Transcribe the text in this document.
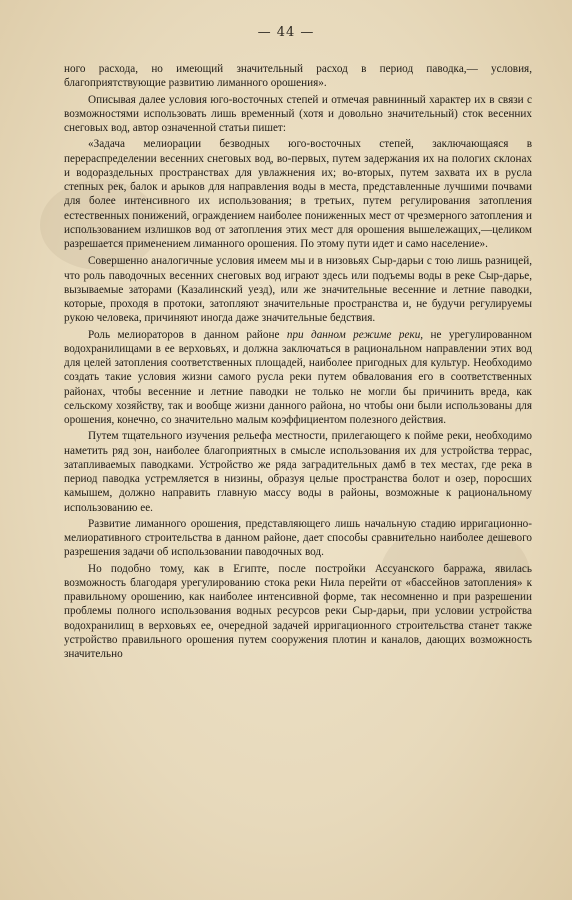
— 44 —

ного расхода, но имеющий значительный расход в период паводка,— условия, благоприятствующие развитию лиманного орошения».

Описывая далее условия юго-восточных степей и отмечая равнинный характер их в связи с возможностями использовать лишь временный (хотя и довольно значительный) сток весенних снеговых вод, автор означенной статьи пишет:

«Задача мелиорации безводных юго-восточных степей, заключающаяся в перераспределении весенних снеговых вод, во-первых, путем задержания их на пологих склонах и водораздельных пространствах для увлажнения их; во-вторых, путем захвата их в русла степных рек, балок и арыков для направления воды в места, представленные лучшими почвами для более интенсивного их использования; в третьих, путем регулирования затопления естественных понижений, ограждением наиболее пониженных мест от чрезмерного затопления и использованием излишков вод от затопления этих мест для орошения вышележащих,—целиком разрешается применением лиманного орошения. По этому пути идет и само население».

Совершенно аналогичные условия имеем мы и в низовьях Сыр-дарьи с тою лишь разницей, что роль паводочных весенних снеговых вод играют здесь или подъемы воды в реке Сыр-дарье, вызываемые заторами (Казалинский уезд), или же значительные весенние и летние паводки, которые, проходя в протоки, затопляют значительные пространства и, не будучи регулируемы рукою человека, причиняют иногда даже значительные бедствия.

Роль мелиораторов в данном районе при данном режиме реки, не урегулированном водохранилищами в ее верховьях, и должна заключаться в рациональном направлении этих вод для целей затопления соответственных площадей, наиболее пригодных для культур. Необходимо создать такие условия жизни самого русла реки путем обвалования его в соответственных районах, чтобы весенние и летние паводки не только не могли бы причинить вреда, как сельскому хозяйству, так и вообще жизни данного района, но чтобы они были использованы для орошения, конечно, со значительно малым коэффициентом полезного действия.

Путем тщательного изучения рельефа местности, прилегающего к пойме реки, необходимо наметить ряд зон, наиболее благоприятных в смысле использования их для устройства террас, затапливаемых паводками. Устройство же ряда заградительных дамб в тех местах, где река в период паводка устремляется в низины, образуя целые пространства болот и озер, поросших камышем, должно направить главную массу воды в районы, возможные к рациональному использованию ее.

Развитие лиманного орошения, представляющего лишь начальную стадию ирригационно-мелиоративного строительства в данном районе, дает способы сравнительно наиболее дешевого разрешения задачи об использовании паводочных вод.

Но подобно тому, как в Египте, после постройки Ассуанского барража, явилась возможность благодаря урегулированию стока реки Нила перейти от «бассейнов затопления» к правильному орошению, как наиболее интенсивной форме, так несомненно и при разрешении проблемы полного использования водных ресурсов реки Сыр-дарьи, при условии устройства водохранилищ в верховьях ее, очередной задачей ирригационного строительства станет также устройство правильного орошения путем сооружения плотин и каналов, дающих возможность значительно
